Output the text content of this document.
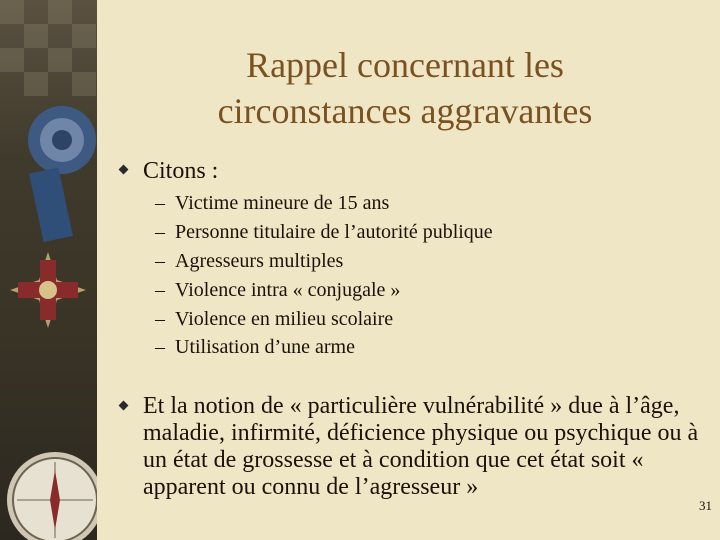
Rappel concernant les
circonstances aggravantes
Citons :
– Victime mineure de 15 ans
– Personne titulaire de l’autorité publique
– Agresseurs multiples
– Violence intra « conjugale »
– Violence en milieu scolaire
– Utilisation d’une arme
Et la notion de « particulière vulnérabilité » due à l’âge, maladie, infirmité, déficience physique ou psychique ou à un état de grossesse et à condition que cet état soit « apparent ou connu de l’agresseur »
31
